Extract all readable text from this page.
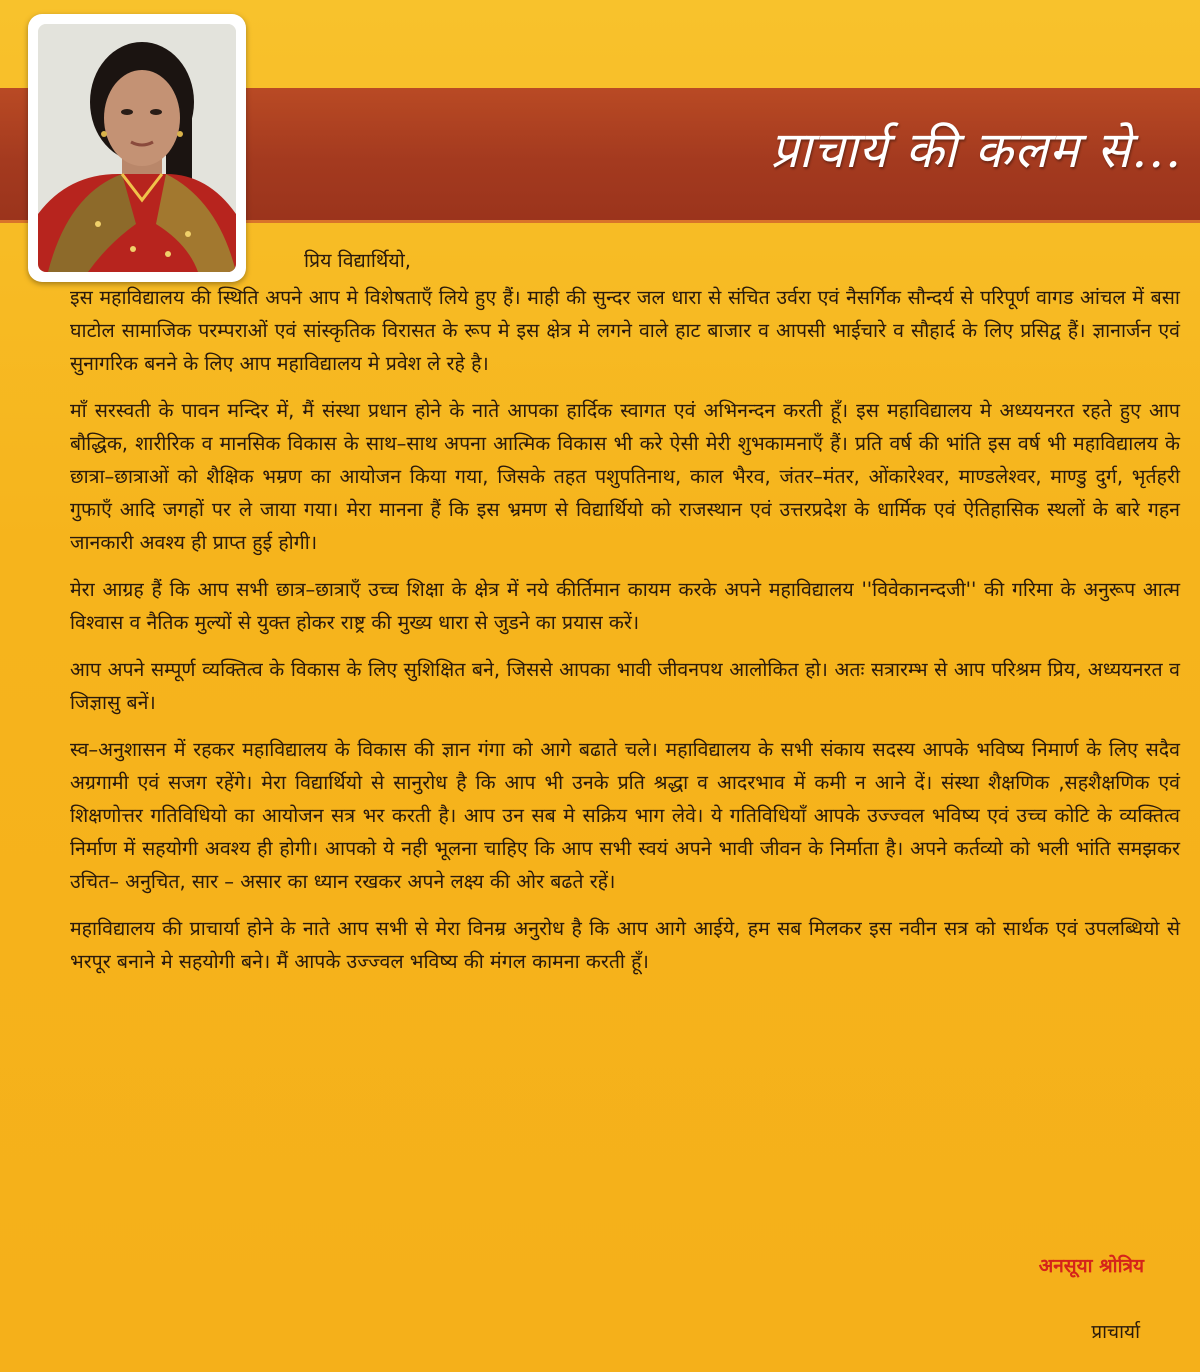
प्राचार्य की कलम से...
प्रिय विद्यार्थियो,

इस महाविद्यालय की स्थिति अपने आप मे विशेषताएँ लिये हुए हैं। माही की सुन्दर जल धारा से संचित उर्वरा एवं नैसर्गिक सौन्दर्य से परिपूर्ण वागड आंचल में बसा घाटोल सामाजिक परम्पराओं एवं सांस्कृतिक विरासत के रूप मे इस क्षेत्र मे लगने वाले हाट बाजार व आपसी भाईचारे व सौहार्द के लिए प्रसिद्व हैं। ज्ञानार्जन एवं सुनागरिक बनने के लिए आप महाविद्यालय मे प्रवेश ले रहे है।

माँ सरस्वती के पावन मन्दिर में, मैं संस्था प्रधान होने के नाते आपका हार्दिक स्वागत एवं अभिनन्दन करती हूँ। इस महाविद्यालय मे अध्ययनरत रहते हुए आप बौद्धिक, शारीरिक व मानसिक विकास के साथ–साथ अपना आत्मिक विकास भी करे ऐसी मेरी शुभकामनाएँ हैं। प्रति वर्ष की भांति इस वर्ष भी महाविद्यालय के छात्रा–छात्राओं को शैक्षिक भम्रण का आयोजन किया गया, जिसके तहत पशुपतिनाथ, काल भैरव, जंतर–मंतर, ओंकारेश्वर, माण्डलेश्वर, माण्डु दुर्ग, भृर्तहरी गुफाएँ आदि जगहों पर ले जाया गया। मेरा मानना हैं कि इस भ्रमण से विद्यार्थियो को राजस्थान एवं उत्तरप्रदेश के धार्मिक एवं ऐतिहासिक स्थलों के बारे गहन जानकारी अवश्य ही प्राप्त हुई होगी।

मेरा आग्रह हैं कि आप सभी छात्र–छात्राएँ उच्च शिक्षा के क्षेत्र में नये कीर्तिमान कायम करके अपने महाविद्यालय ''विवेकानन्दजी'' की गरिमा के अनुरूप आत्म विश्वास व नैतिक मुल्यों से युक्त होकर राष्ट्र की मुख्य धारा से जुडने का प्रयास करें।

आप अपने सम्पूर्ण व्यक्तित्व के विकास के लिए सुशिक्षित बने, जिससे आपका भावी जीवनपथ आलोकित हो। अतः सत्रारम्भ से आप परिश्रम प्रिय, अध्ययनरत व जिज्ञासु बनें।

स्व–अनुशासन में रहकर महाविद्यालय के विकास की ज्ञान गंगा को आगे बढाते चले। महाविद्यालय के सभी संकाय सदस्य आपके भविष्य निमार्ण के लिए सदैव अग्रगामी एवं सजग रहेंगे। मेरा विद्यार्थियो से सानुरोध है कि आप भी उनके प्रति श्रद्धा व आदरभाव में कमी न आने दें। संस्था शैक्षणिक ,सहशैक्षणिक एवं शिक्षणोत्तर गतिविधियो का आयोजन सत्र भर करती है। आप उन सब मे सक्रिय भाग लेवे। ये गतिविधियाँ आपके उज्ज्वल भविष्य एवं उच्च कोटि के व्यक्तित्व निर्माण में सहयोगी अवश्य ही होगी। आपको ये नही भूलना चाहिए कि आप सभी स्वयं अपने भावी जीवन के निर्माता है। अपने कर्तव्यो को भली भांति समझकर उचित– अनुचित, सार – असार का ध्यान रखकर अपने लक्ष्य की ओर बढते रहें।

महाविद्यालय की प्राचार्या होने के नाते आप सभी से मेरा विनम्र अनुरोध है कि आप आगे आईये, हम सब मिलकर इस नवीन सत्र को सार्थक एवं उपलब्धियो से भरपूर बनाने मे सहयोगी बने। मैं आपके उज्ज्वल भविष्य की मंगल कामना करती हूँ।

अनसूया श्रोत्रिय
प्राचार्या
